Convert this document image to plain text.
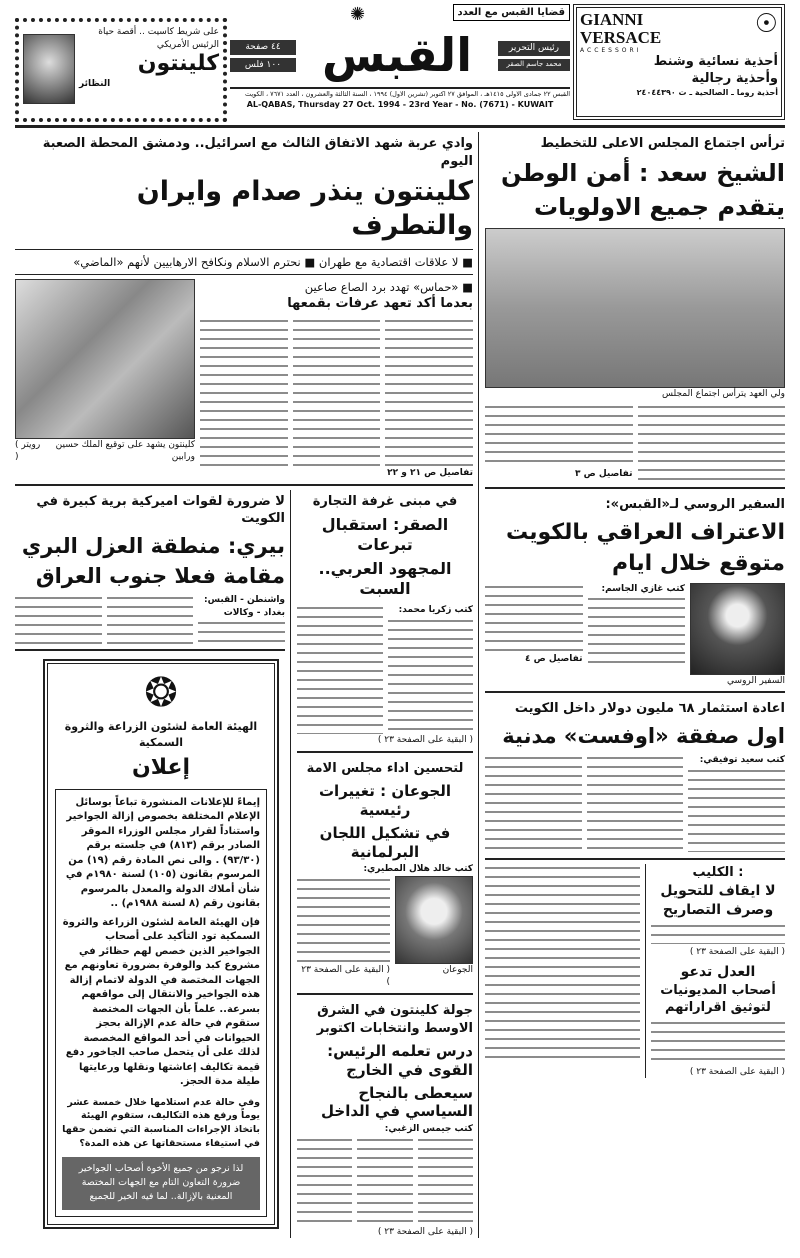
على شريط كاسيت .. أقصة حياة
الرئيس الأمريكي
كلينتون
النظائر
✺	قضايا القبس مع العدد
٤٤ صفحة
١٠٠ فلس القبس	رئيس التحرير
محمد جاسم الصقر
القبس ٢٢ جمادى الاولى ١٤١٥هـ ، الموافق ٢٧ اكتوبر (تشرين الاول) ١٩٩٤ ، السنة الثالثة والعشرون ، العدد ٧٦٧١ ، الكويت
AL-QABAS, Thursday 27 Oct. 1994 - 23rd Year - No. (7671) - KUWAIT
GIANNI VERSACE	☉
ACCESSORI
أحذية نسائية وشنط
وأحذية رجالية
أحذية روما ـ الصالحية ـ ت ٢٤٠٤٤٣٩٠
وادي عربة شهد الاتفاق الثالث مع اسرائيل.. ودمشق المحطة الصعبة اليوم
كلينتون ينذر صدام وايران والتطرف
■ لا علاقات اقتصادية مع طهران ■ نحترم الاسلام ونكافح الارهابيين لأنهم «الماضي»
( رويتر )
كلينتون يشهد على توقيع الملك حسين ورابين
■ «حماس» تهدد برد الصاع صاعين
بعدما أكد تعهد عرفات بقمعها
تفاصيل ص ٢١ و ٢٢
لا ضرورة لقوات اميركية برية كبيرة في الكويت
بيري: منطقة العزل البري
مقامة فعلا جنوب العراق
واشنطن - القبس: بغداد - وكالات
❂
الهيئة العامة لشئون الزراعة والثروة السمكية
إعلان
إيماءً للإعلانات المنشورة تباعاً بوسائل الإعلام المختلفة بخصوص إزالة الجواخير واستناداً لقرار مجلس الوزراء الموقر الصادر برقم (٨١٣) في جلسته برقم (٩٣/٣٠) . والى نص المادة رقم (١٩) من المرسوم بقانون (١٠٥) لسنة ١٩٨٠م في شأن أملاك الدولة والمعدل بالمرسوم بقانون رقم (٨ لسنة ١٩٨٨م) ..
فإن الهيئة العامة لشئون الزراعة والثروة السمكية تود التأكيد على أصحاب الجواخير الذين خصص لهم حظائر في مشروع كبد والوفرة بضرورة تعاونهم مع الجهات المختصة في الدولة لاتمام إزالة هذه الجواخير والانتقال إلى مواقعهم بسرعة.. علماً بأن الجهات المختصة ستقوم في حالة عدم الإزالة بحجز الحيوانات في أحد المواقع المخصصة لذلك على أن يتحمل صاحب الجاخور دفع قيمة تكاليف إعاشتها ونقلها ورعايتها طيلة مدة الحجز.
وفي حالة عدم استلامها خلال خمسة عشر يوماً ورفع هذه التكاليف، ستقوم الهيئة باتخاذ الإجراءات المناسبة التي تضمن حقها في استيفاء مستحقاتها عن هذه المدة؟
لذا نرجو من جميع الأخوة أصحاب الجواخير ضرورة التعاون التام مع الجهات المختصة المعنية بالإزالة.. لما فيه الخير للجميع
في مبنى غرفة التجارة
الصقر: استقبال تبرعات
المجهود العربي.. السبت
كتب زكريا محمد:
( البقية على الصفحة ٢٣ )
لتحسين اداء مجلس الامة
الجوعان : تغييرات رئيسية
في تشكيل اللجان البرلمانية
كتب خالد هلال المطيري:
( البقية على الصفحة ٢٣ )
الجوعان
جولة كلينتون في الشرق الاوسط وانتخابات اكتوبر
درس تعلمه الرئيس: القوى في الخارج
سيعطى بالنجاح السياسي في الداخل
كتب جيمس الزغبي:
( البقية على الصفحة ٢٣ )
ترأس اجتماع المجلس الاعلى للتخطيط
الشيخ سعد : أمن الوطن
يتقدم جميع الاولويات
ولي العهد يترأس اجتماع المجلس
تفاصيل ص ٣
السفير الروسي لـ«القبس»:
الاعتراف العراقي بالكويت
متوقع خلال ايام
تفاصيل ص ٤
كتب غازي الجاسم:
السفير الروسي
اعادة استثمار ٦٨ مليون دولار داخل الكويت
اول صفقة «اوفست» مدنية
كتب سعيد توفيقي:
الكليب :
لا ايقاف للتحويل
وصرف التصاريح
( البقية على الصفحة ٢٣ )
العدل تدعو
أصحاب المديونيات
لتوثيق اقراراتهم
( البقية على الصفحة ٢٣ )
